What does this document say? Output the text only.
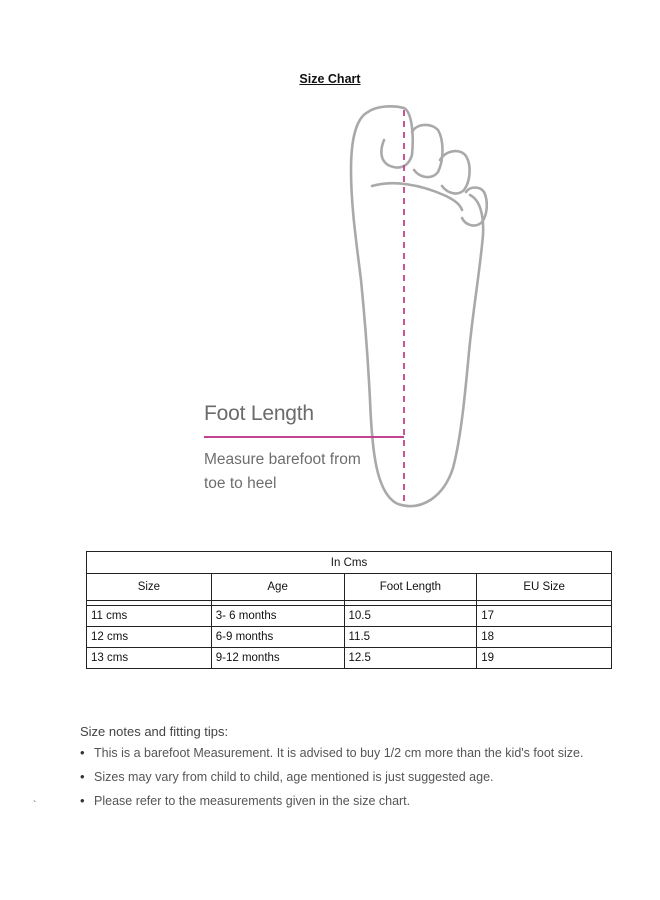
Size Chart
Foot Length
Measure barefoot from
toe to heel
In Cms			
Size	Age	Foot Length	EU Size

11 cms	3- 6 months	10.5	17
12 cms	6-9 months	11.5	18
13 cms	9-12 months	12.5	19
Size notes and fitting tips:
• This is a barefoot Measurement. It is advised to buy 1/2 cm more than the kid's foot size.
• Sizes may vary from child to child, age mentioned is just suggested age.
• Please refer to the measurements given in the size chart.
`
